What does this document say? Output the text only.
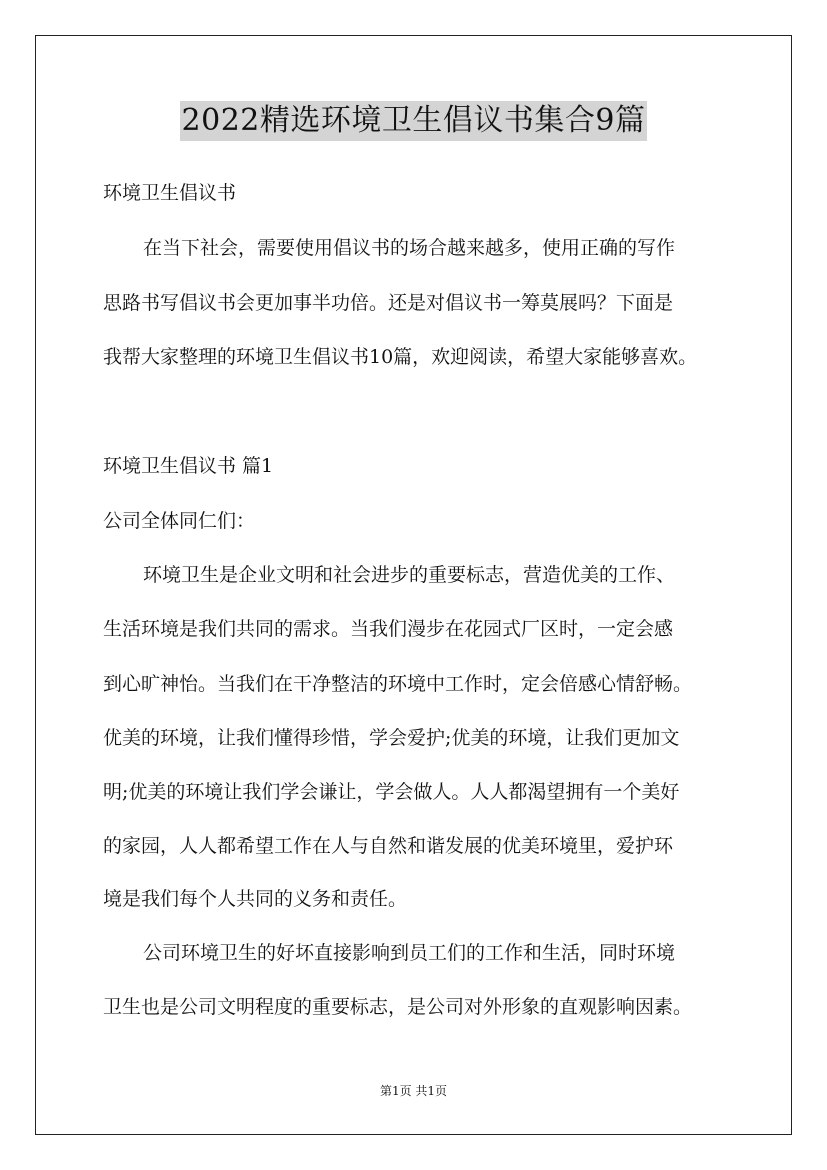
2022精选环境卫生倡议书集合9篇
环境卫生倡议书
在当下社会，需要使用倡议书的场合越来越多，使用正确的写作
思路书写倡议书会更加事半功倍。还是对倡议书一筹莫展吗？下面是
我帮大家整理的环境卫生倡议书10篇，欢迎阅读，希望大家能够喜欢。
环境卫生倡议书 篇1
公司全体同仁们：
环境卫生是企业文明和社会进步的重要标志，营造优美的工作、
生活环境是我们共同的需求。当我们漫步在花园式厂区时，一定会感
到心旷神怡。当我们在干净整洁的环境中工作时，定会倍感心情舒畅。
优美的环境，让我们懂得珍惜，学会爱护;优美的环境，让我们更加文
明;优美的环境让我们学会谦让，学会做人。人人都渴望拥有一个美好
的家园，人人都希望工作在人与自然和谐发展的优美环境里，爱护环
境是我们每个人共同的义务和责任。
公司环境卫生的好坏直接影响到员工们的工作和生活，同时环境
卫生也是公司文明程度的重要标志，是公司对外形象的直观影响因素。
第1页 共1页
